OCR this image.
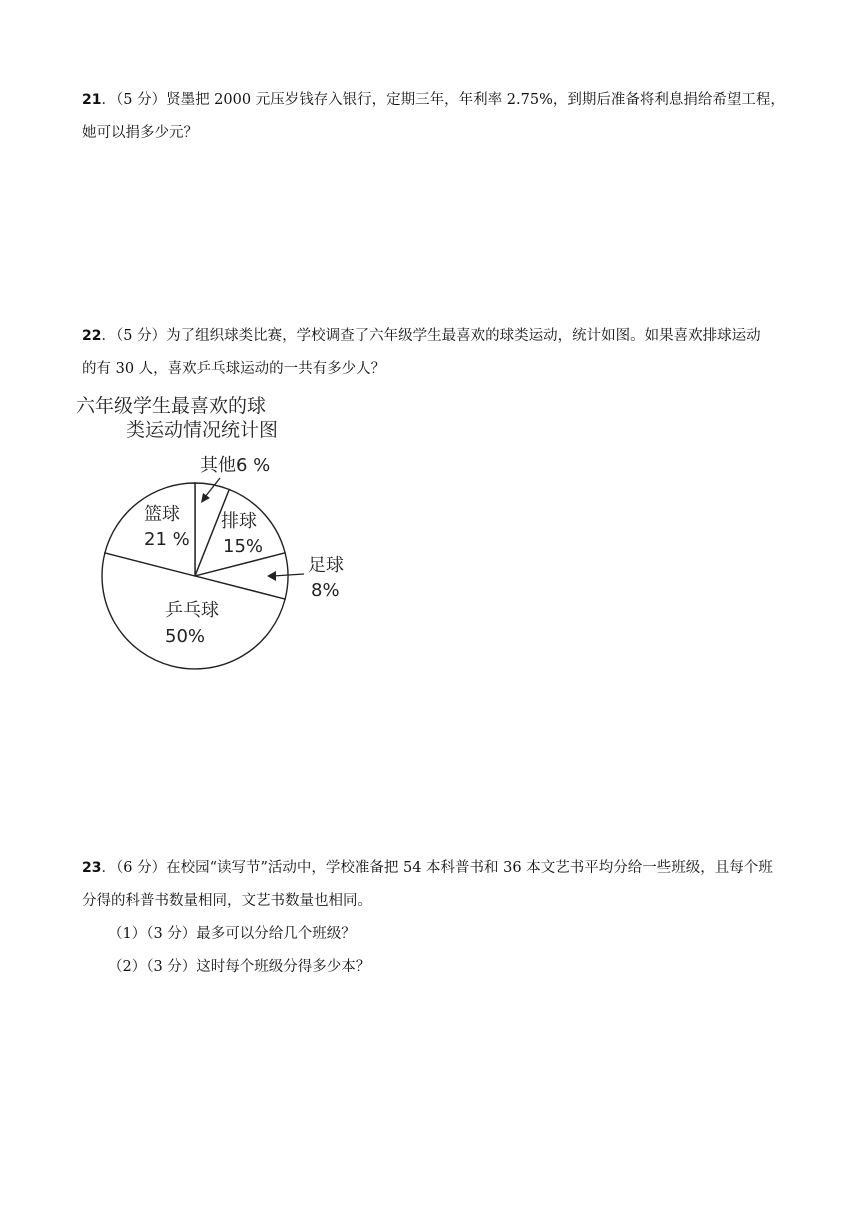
21．（5 分）贤墨把 2000 元压岁钱存入银行，定期三年，年利率 2.75%，到期后准备将利息捐给希望工程，
她可以捐多少元？
22．（5 分）为了组织球类比赛，学校调查了六年级学生最喜欢的球类运动，统计如图。如果喜欢排球运动
的有 30 人，喜欢乒乓球运动的一共有多少人？
六年级学生最喜欢的球
类运动情况统计图
其他6 %
排球
15%
足球
8%
乒乓球
50%
篮球
21 %
23．（6 分）在校园“读写节”活动中，学校准备把 54 本科普书和 36 本文艺书平均分给一些班级，且每个班
分得的科普书数量相同，文艺书数量也相同。
（1）（3 分）最多可以分给几个班级？
（2）（3 分）这时每个班级分得多少本？
